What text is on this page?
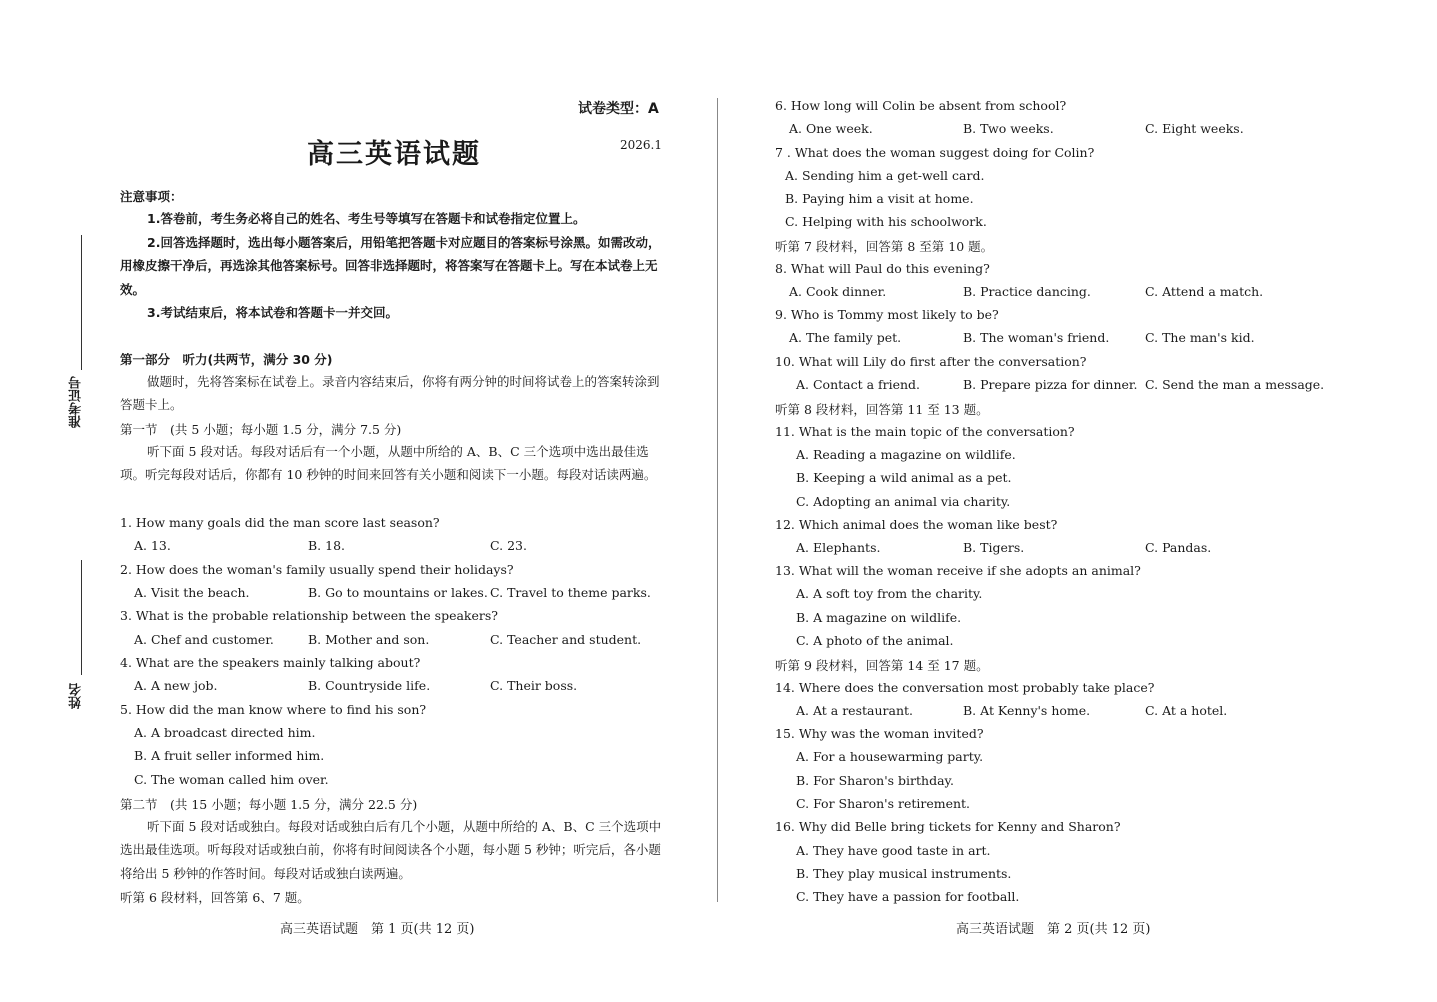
准考证号
姓名
试卷类型：A
高三英语试题	2026.1
注意事项：
1.答卷前，考生务必将自己的姓名、考生号等填写在答题卡和试卷指定位置上。
2.回答选择题时，选出每小题答案后，用铅笔把答题卡对应题目的答案标号涂黑。如需改动，用橡皮擦干净后，再选涂其他答案标号。回答非选择题时，将答案写在答题卡上。写在本试卷上无效。
3.考试结束后，将本试卷和答题卡一并交回。
第一部分　听力(共两节，满分 30 分)
做题时，先将答案标在试卷上。录音内容结束后，你将有两分钟的时间将试卷上的答案转涂到答题卡上。
第一节　(共 5 小题；每小题 1.5 分，满分 7.5 分)
听下面 5 段对话。每段对话后有一个小题，从题中所给的 A、B、C 三个选项中选出最佳选项。听完每段对话后，你都有 10 秒钟的时间来回答有关小题和阅读下一小题。每段对话读两遍。
1. How many goals did the man score last season?
A. 13.	B. 18.	C. 23.
2. How does the woman's family usually spend their holidays?
A. Visit the beach.	B. Go to mountains or lakes. C. Travel to theme parks.
3. What is the probable relationship between the speakers?
A. Chef and customer.	B. Mother and son.	C. Teacher and student.
4. What are the speakers mainly talking about?
A. A new job.	B. Countryside life.	C. Their boss.
5. How did the man know where to find his son?
A. A broadcast directed him.
B. A fruit seller informed him.
C. The woman called him over.
第二节　(共 15 小题；每小题 1.5 分，满分 22.5 分)
听下面 5 段对话或独白。每段对话或独白后有几个小题，从题中所给的 A、B、C 三个选项中选出最佳选项。听每段对话或独白前，你将有时间阅读各个小题，每小题 5 秒钟；听完后，各小题将给出 5 秒钟的作答时间。每段对话或独白读两遍。
听第 6 段材料，回答第 6、7 题。
6. How long will Colin be absent from school?
A. One week.	B. Two weeks.	C. Eight weeks.
7 . What does the woman suggest doing for Colin?
A. Sending him a get-well card.
B. Paying him a visit at home.
C. Helping with his schoolwork.
听第 7 段材料，回答第 8 至第 10 题。
8. What will Paul do this evening?
A. Cook dinner.	B. Practice dancing.	C. Attend a match.
9. Who is Tommy most likely to be?
A. The family pet.	B. The woman's friend.	C. The man's kid.
10. What will Lily do first after the conversation?
A. Contact a friend.	B. Prepare pizza for dinner. C. Send the man a message.
听第 8 段材料，回答第 11 至 13 题。
11. What is the main topic of the conversation?
A. Reading a magazine on wildlife.
B. Keeping a wild animal as a pet.
C. Adopting an animal via charity.
12. Which animal does the woman like best?
A. Elephants.	B. Tigers.	C. Pandas.
13. What will the woman receive if she adopts an animal?
A. A soft toy from the charity.
B. A magazine on wildlife.
C. A photo of the animal.
听第 9 段材料，回答第 14 至 17 题。
14. Where does the conversation most probably take place?
A. At a restaurant.	B. At Kenny's home.	C. At a hotel.
15. Why was the woman invited?
A. For a housewarming party.
B. For Sharon's birthday.
C. For Sharon's retirement.
16. Why did Belle bring tickets for Kenny and Sharon?
A. They have good taste in art.
B. They play musical instruments.
C. They have a passion for football.
高三英语试题　第 1 页(共 12 页)	高三英语试题　第 2 页(共 12 页)
